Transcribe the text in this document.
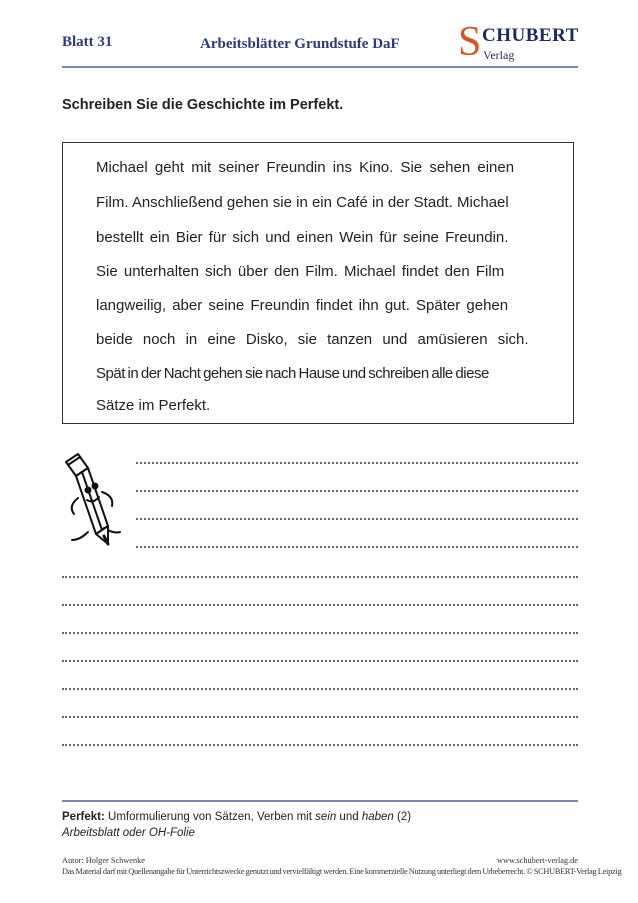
Blatt 31	Arbeitsblätter Grundstufe DaF S CHUBERT
Verlag
Schreiben Sie die Geschichte im Perfekt.
Michael geht mit seiner Freundin ins Kino. Sie sehen einen
Film. Anschließend gehen sie in ein Café in der Stadt. Michael
bestellt ein Bier für sich und einen Wein für seine Freundin.
Sie unterhalten sich über den Film. Michael findet den Film
langweilig, aber seine Freundin findet ihn gut. Später gehen
beide noch in eine Disko, sie tanzen und amüsieren sich.
Spät in der Nacht gehen sie nach Hause und schreiben alle diese
Sätze im Perfekt.
Perfekt: Umformulierung von Sätzen, Verben mit sein und haben (2)
Arbeitsblatt oder OH-Folie
Autor: Holger Schwenke	www.schubert-verlag.de
Das Material darf mit Quellenangabe für Unterrichtszwecke genutzt und vervielfältigt werden. Eine kommerzielle Nutzung unterliegt dem Urheberrecht. © SCHUBERT-Verlag Leipzig
